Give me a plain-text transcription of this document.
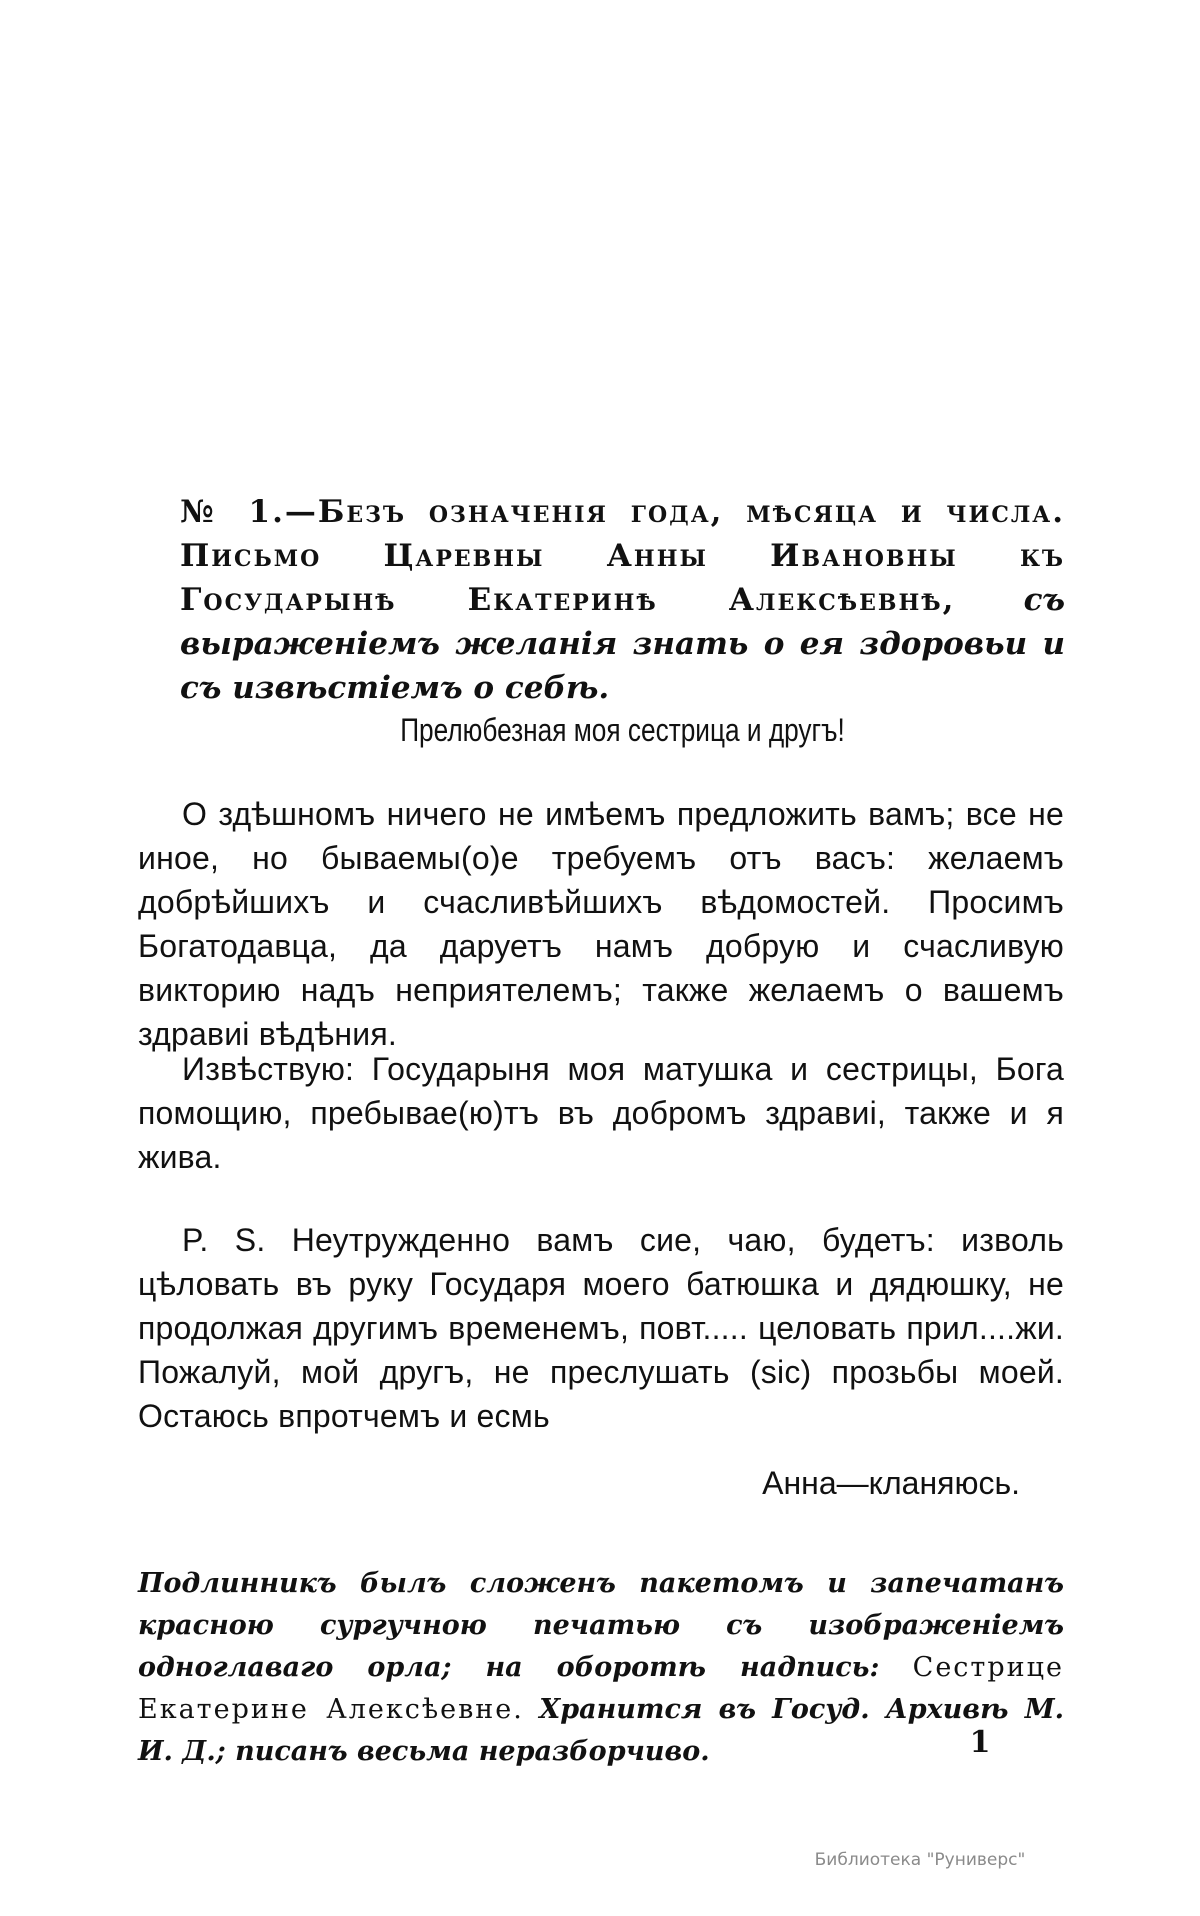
№ 1.—Безъ означенія года, мѣсяца и числа. Письмо Царевны Анны Ивановны къ Государынѣ Екатеринѣ Алексѣевнѣ, съ выраженіемъ желанія знать о ея здоровьи и съ извѣстіемъ о себѣ.
Прелюбезная моя сестрица и другъ!
О здѣшномъ ничего не имѣемъ предложить вамъ; все не иное, но бываемы(о)е требуемъ отъ васъ: желаемъ добрѣйшихъ и счасливѣйшихъ вѣдомостей. Просимъ Богатодавца, да даруетъ намъ добрую и счасливую викторию надъ неприятелемъ; также желаемъ о вашемъ здравиі вѣдѣния.
Извѣствую: Государыня моя матушка и сестрицы, Бога помощию, пребывае(ю)тъ въ добромъ здравиі, также и я жива.
P. S. Неутружденно вамъ сие, чаю, будетъ: изволь цѣловать въ руку Государя моего батюшка и дядюшку, не продолжая другимъ временемъ, повт..... целовать прил....жи. Пожалуй, мой другъ, не преслушать (sic) прозьбы моей. Остаюсь впротчемъ и есмь
Анна—кланяюсь.
Подлинникъ былъ сложенъ пакетомъ и запечатанъ красною сургучною печатью съ изображеніемъ одноглаваго орла; на оборотѣ надпись: Сестрице Екатерине Алексѣевне. Хранится въ Госуд. Архивѣ М. И. Д.; писанъ весьма неразборчиво.	1
Библиотека "Руниверс"
